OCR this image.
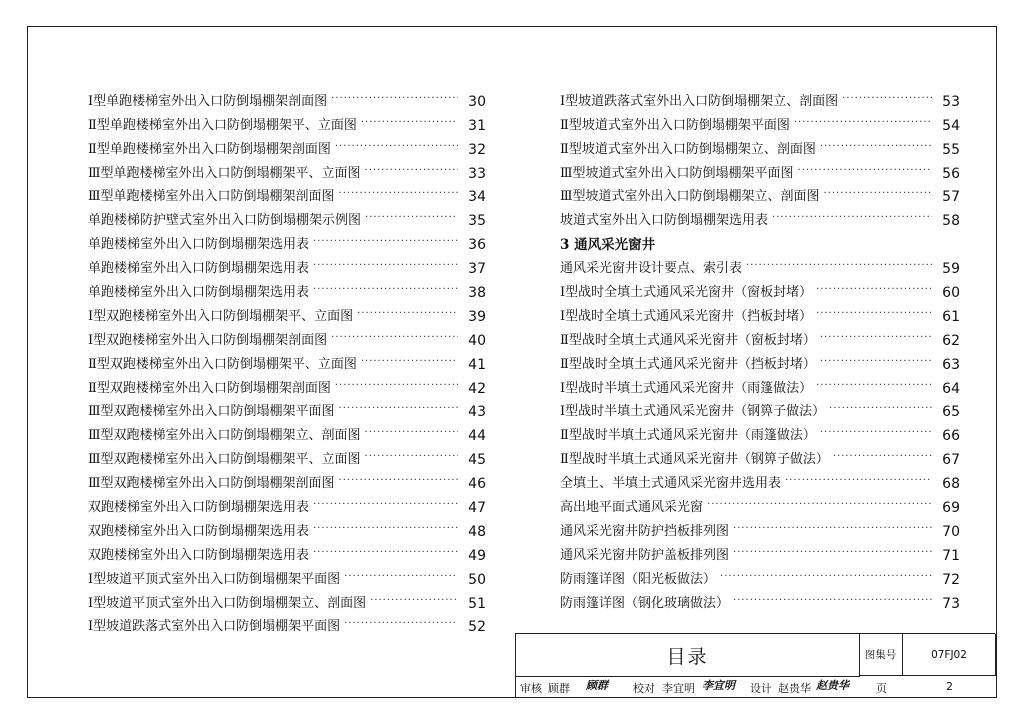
Ⅰ型单跑楼梯室外出入口防倒塌棚架剖面图 ·····	30
Ⅱ型单跑楼梯室外出入口防倒塌棚架平、立面图 ·····	31
Ⅱ型单跑楼梯室外出入口防倒塌棚架剖面图 ·····	32
Ⅲ型单跑楼梯室外出入口防倒塌棚架平、立面图 ·····	33
Ⅲ型单跑楼梯室外出入口防倒塌棚架剖面图 ·····	34
单跑楼梯防护壁式室外出入口防倒塌棚架示例图 ·····	35
单跑楼梯室外出入口防倒塌棚架选用表 ·····	36
单跑楼梯室外出入口防倒塌棚架选用表 ·····	37
单跑楼梯室外出入口防倒塌棚架选用表 ·····	38
Ⅰ型双跑楼梯室外出入口防倒塌棚架平、立面图 ·····	39
Ⅰ型双跑楼梯室外出入口防倒塌棚架剖面图 ·····	40
Ⅱ型双跑楼梯室外出入口防倒塌棚架平、立面图 ·····	41
Ⅱ型双跑楼梯室外出入口防倒塌棚架剖面图 ·····	42
Ⅲ型双跑楼梯室外出入口防倒塌棚架平面图 ·····	43
Ⅲ型双跑楼梯室外出入口防倒塌棚架立、剖面图 ·····	44
Ⅲ型双跑楼梯室外出入口防倒塌棚架平、立面图 ·····	45
Ⅲ型双跑楼梯室外出入口防倒塌棚架剖面图 ·····	46
双跑楼梯室外出入口防倒塌棚架选用表 ·····	47
双跑楼梯室外出入口防倒塌棚架选用表 ·····	48
双跑楼梯室外出入口防倒塌棚架选用表 ·····	49
Ⅰ型坡道平顶式室外出入口防倒塌棚架平面图 ·····	50
Ⅰ型坡道平顶式室外出入口防倒塌棚架立、剖面图 ·····	51
Ⅰ型坡道跌落式室外出入口防倒塌棚架平面图 ·····	52
Ⅰ型坡道跌落式室外出入口防倒塌棚架立、剖面图 ·····	53
Ⅱ型坡道式室外出入口防倒塌棚架平面图 ·····	54
Ⅱ型坡道式室外出入口防倒塌棚架立、剖面图 ·····	55
Ⅲ型坡道式室外出入口防倒塌棚架平面图 ·····	56
Ⅲ型坡道式室外出入口防倒塌棚架立、剖面图 ·····	57
坡道式室外出入口防倒塌棚架选用表 ·····	58
3 通风采光窗井
通风采光窗井设计要点、索引表 ·····	59
Ⅰ型战时全填土式通风采光窗井（窗板封堵） ·····	60
Ⅰ型战时全填土式通风采光窗井（挡板封堵） ·····	61
Ⅱ型战时全填土式通风采光窗井（窗板封堵） ·····	62
Ⅱ型战时全填土式通风采光窗井（挡板封堵） ·····	63
Ⅰ型战时半填土式通风采光窗井（雨篷做法） ·····	64
Ⅰ型战时半填土式通风采光窗井（钢箅子做法） ·····	65
Ⅱ型战时半填土式通风采光窗井（雨篷做法） ·····	66
Ⅱ型战时半填土式通风采光窗井（钢箅子做法） ·····	67
全填土、半填土式通风采光窗井选用表 ·····	68
高出地平面式通风采光窗 ·····	69
通风采光窗井防护挡板排列图 ·····	70
通风采光窗井防护盖板排列图 ·····	71
防雨篷详图（阳光板做法） ·····	72
防雨篷详图（钢化玻璃做法） ·····	73
目录	图集号	07FJ02
审核 顾群 顾群 校对 李宜明 李宜明 设计 赵贵华 赵贵华 页	2
